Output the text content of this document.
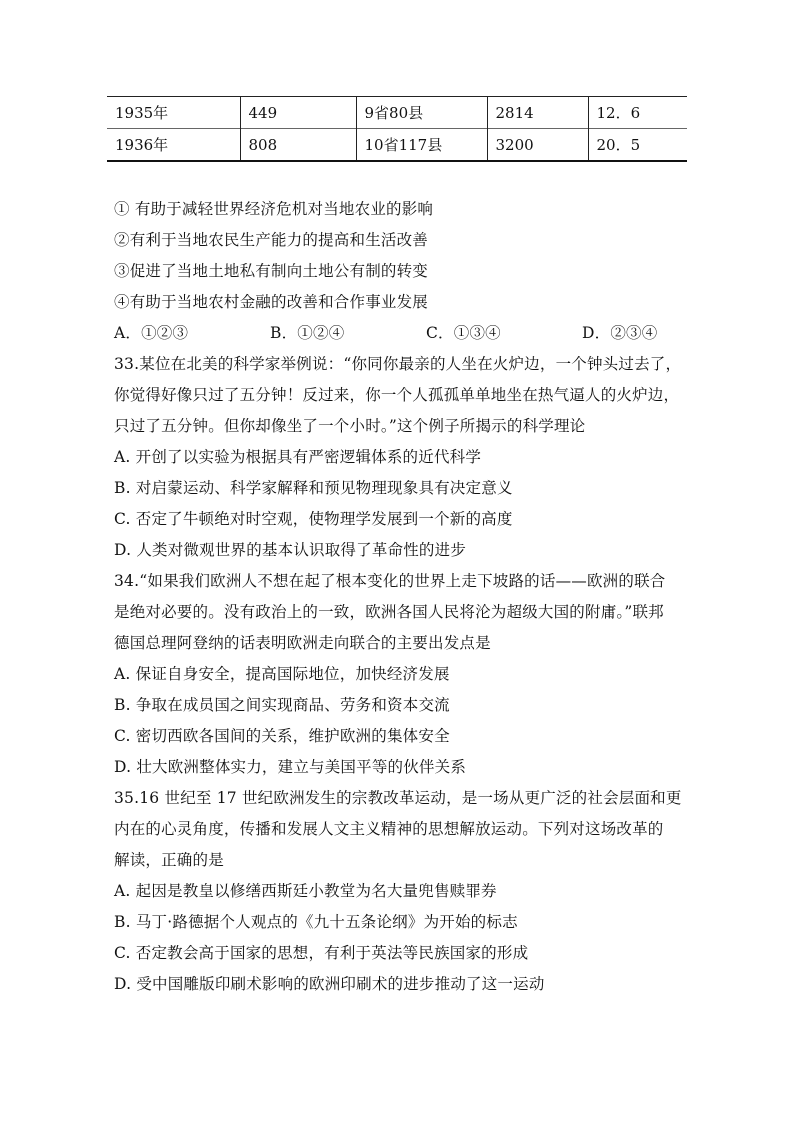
1935年	449	9省80县	2814	12．6
1936年	808	10省117县	3200	20．5
① 有助于减轻世界经济危机对当地农业的影响
②有利于当地农民生产能力的提高和生活改善
③促进了当地土地私有制向土地公有制的转变
④有助于当地农村金融的改善和合作事业发展
A．①②③	B．①②④	C．①③④	D．②③④
33.某位在北美的科学家举例说：“你同你最亲的人坐在火炉边，一个钟头过去了，
你觉得好像只过了五分钟！反过来，你一个人孤孤单单地坐在热气逼人的火炉边，
只过了五分钟。但你却像坐了一个小时。”这个例子所揭示的科学理论
A. 开创了以实验为根据具有严密逻辑体系的近代科学
B. 对启蒙运动、科学家解释和预见物理现象具有决定意义
C. 否定了牛顿绝对时空观，使物理学发展到一个新的高度
D. 人类对微观世界的基本认识取得了革命性的进步
34.“如果我们欧洲人不想在起了根本变化的世界上走下坡路的话——欧洲的联合
是绝对必要的。没有政治上的一致，欧洲各国人民将沦为超级大国的附庸。”联邦
德国总理阿登纳的话表明欧洲走向联合的主要出发点是
A. 保证自身安全，提高国际地位，加快经济发展
B. 争取在成员国之间实现商品、劳务和资本交流
C. 密切西欧各国间的关系，维护欧洲的集体安全
D. 壮大欧洲整体实力，建立与美国平等的伙伴关系
35.16 世纪至 17 世纪欧洲发生的宗教改革运动，是一场从更广泛的社会层面和更
内在的心灵角度，传播和发展人文主义精神的思想解放运动。下列对这场改革的
解读，正确的是
A. 起因是教皇以修缮西斯廷小教堂为名大量兜售赎罪券
B. 马丁·路德据个人观点的《九十五条论纲》为开始的标志
C. 否定教会高于国家的思想，有利于英法等民族国家的形成
D. 受中国雕版印刷术影响的欧洲印刷术的进步推动了这一运动
